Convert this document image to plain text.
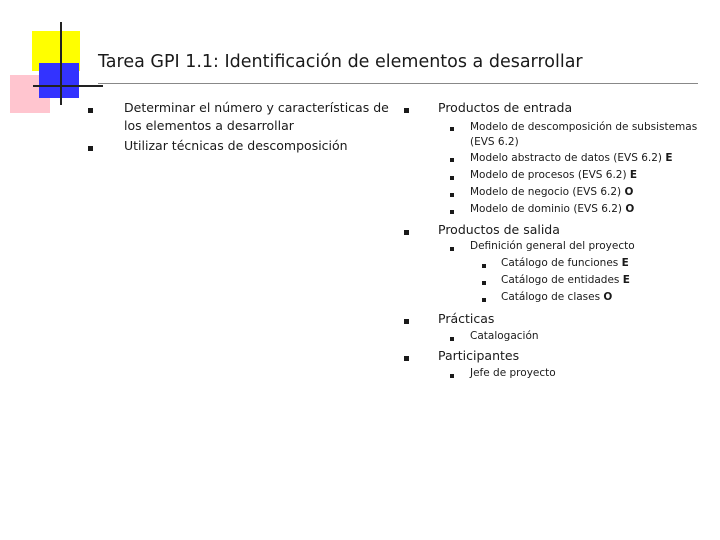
Tarea GPI 1.1: Identificación de elementos a desarrollar
Determinar el número y características de
los elementos a desarrollar
Utilizar técnicas de descomposición
Productos de entrada
Modelo de descomposición de subsistemas
(EVS 6.2)
Modelo abstracto de datos (EVS 6.2) E
Modelo de procesos (EVS 6.2) E
Modelo de negocio (EVS 6.2) O
Modelo de dominio (EVS 6.2) O
Productos de salida
Definición general del proyecto
Catálogo de funciones E
Catálogo de entidades E
Catálogo de clases O
Prácticas
Catalogación
Participantes
Jefe de proyecto
